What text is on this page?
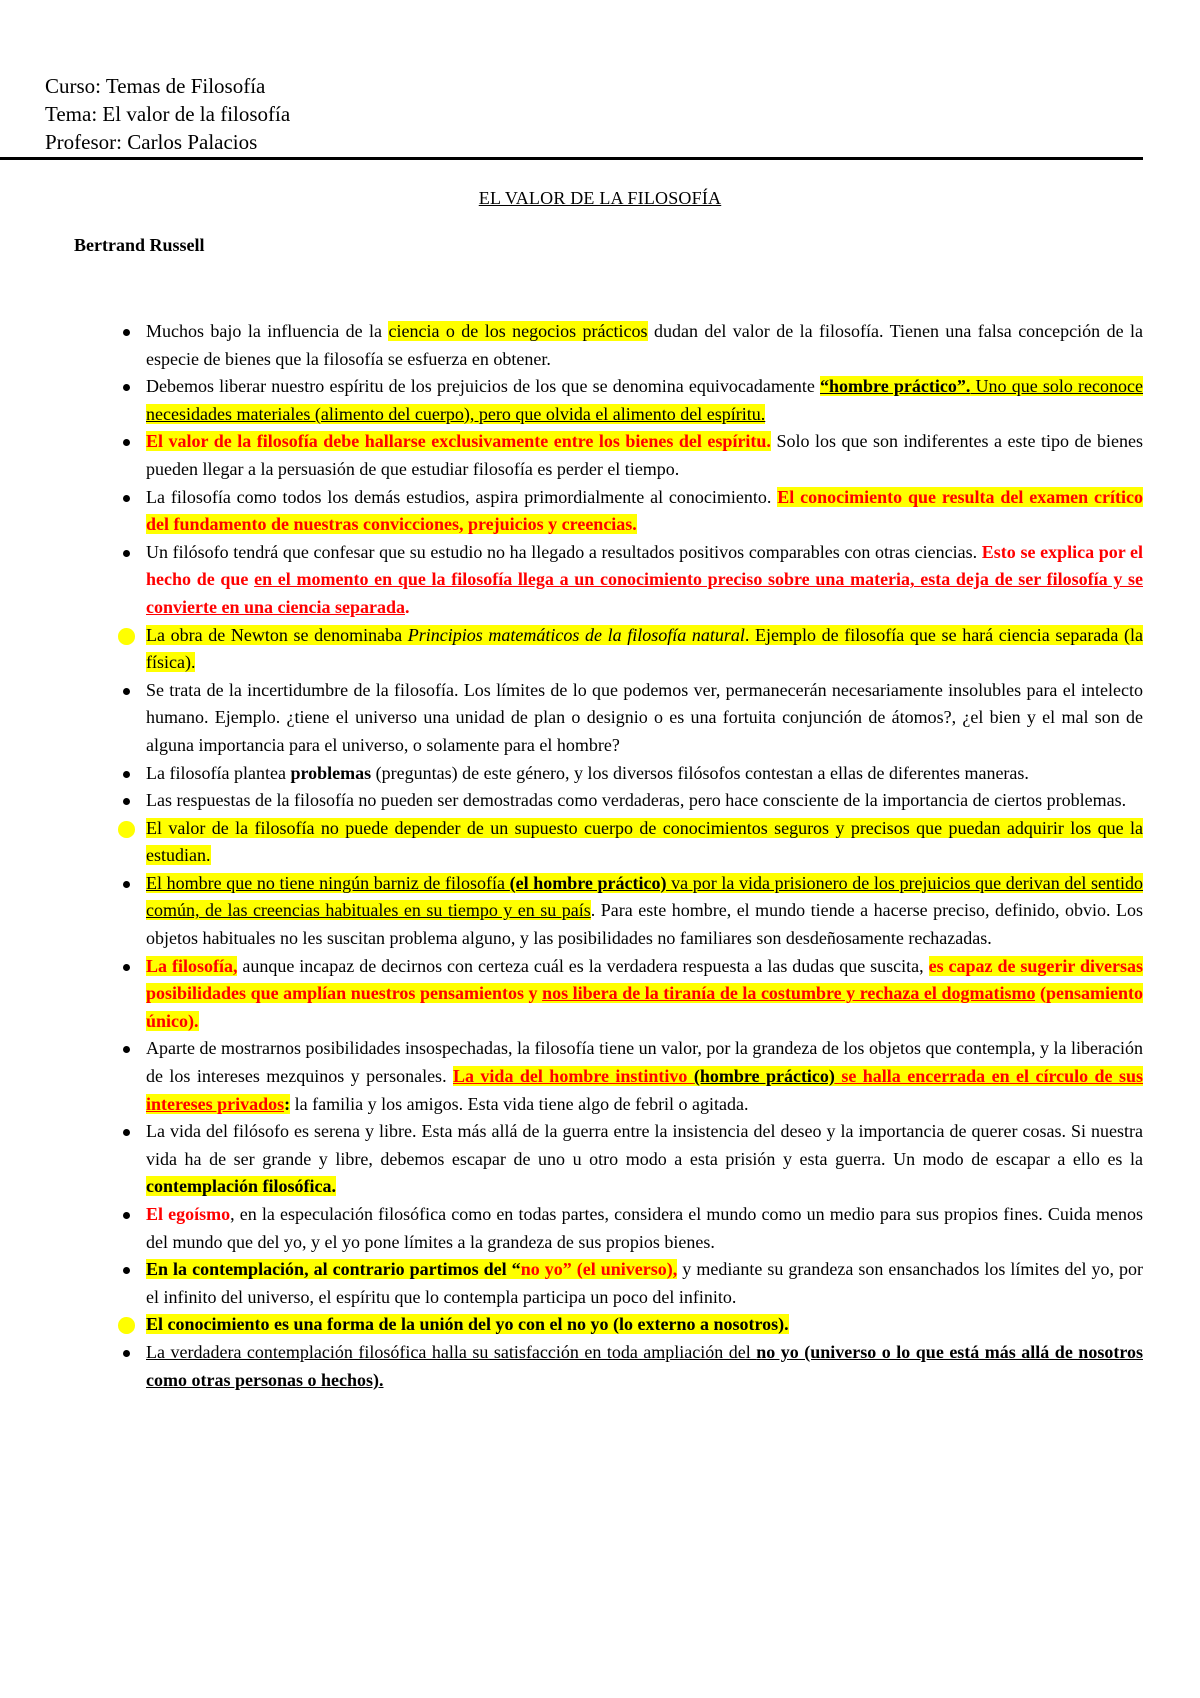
Curso: Temas de Filosofía
Tema: El valor de la filosofía
Profesor: Carlos Palacios
EL VALOR DE LA FILOSOFÍA
Bertrand Russell
Muchos bajo la influencia de la ciencia o de los negocios prácticos dudan del valor de la filosofía. Tienen una falsa concepción de la especie de bienes que la filosofía se esfuerza en obtener.
Debemos liberar nuestro espíritu de los prejuicios de los que se denomina equivocadamente “hombre práctico”. Uno que solo reconoce necesidades materiales (alimento del cuerpo), pero que olvida el alimento del espíritu.
El valor de la filosofía debe hallarse exclusivamente entre los bienes del espíritu. Solo los que son indiferentes a este tipo de bienes pueden llegar a la persuasión de que estudiar filosofía es perder el tiempo.
La filosofía como todos los demás estudios, aspira primordialmente al conocimiento. El conocimiento que resulta del examen crítico del fundamento de nuestras convicciones, prejuicios y creencias.
Un filósofo tendrá que confesar que su estudio no ha llegado a resultados positivos comparables con otras ciencias. Esto se explica por el hecho de que en el momento en que la filosofía llega a un conocimiento preciso sobre una materia, esta deja de ser filosofía y se convierte en una ciencia separada.
La obra de Newton se denominaba Principios matemáticos de la filosofía natural. Ejemplo de filosofía que se hará ciencia separada (la física).
Se trata de la incertidumbre de la filosofía. Los límites de lo que podemos ver, permanecerán necesariamente insolubles para el intelecto humano. Ejemplo. ¿tiene el universo una unidad de plan o designio o es una fortuita conjunción de átomos?, ¿el bien y el mal son de alguna importancia para el universo, o solamente para el hombre?
La filosofía plantea problemas (preguntas) de este género, y los diversos filósofos contestan a ellas de diferentes maneras.
Las respuestas de la filosofía no pueden ser demostradas como verdaderas, pero hace consciente de la importancia de ciertos problemas.
El valor de la filosofía no puede depender de un supuesto cuerpo de conocimientos seguros y precisos que puedan adquirir los que la estudian.
El hombre que no tiene ningún barniz de filosofía (el hombre práctico) va por la vida prisionero de los prejuicios que derivan del sentido común, de las creencias habituales en su tiempo y en su país. Para este hombre, el mundo tiende a hacerse preciso, definido, obvio. Los objetos habituales no les suscitan problema alguno, y las posibilidades no familiares son desdeñosamente rechazadas.
La filosofía, aunque incapaz de decirnos con certeza cuál es la verdadera respuesta a las dudas que suscita, es capaz de sugerir diversas posibilidades que amplían nuestros pensamientos y nos libera de la tiranía de la costumbre y rechaza el dogmatismo (pensamiento único).
Aparte de mostrarnos posibilidades insospechadas, la filosofía tiene un valor, por la grandeza de los objetos que contempla, y la liberación de los intereses mezquinos y personales. La vida del hombre instintivo (hombre práctico) se halla encerrada en el círculo de sus intereses privados: la familia y los amigos. Esta vida tiene algo de febril o agitada.
La vida del filósofo es serena y libre. Esta más allá de la guerra entre la insistencia del deseo y la importancia de querer cosas. Si nuestra vida ha de ser grande y libre, debemos escapar de uno u otro modo a esta prisión y esta guerra. Un modo de escapar a ello es la contemplación filosófica.
El egoísmo, en la especulación filosófica como en todas partes, considera el mundo como un medio para sus propios fines. Cuida menos del mundo que del yo, y el yo pone límites a la grandeza de sus propios bienes.
En la contemplación, al contrario partimos del “no yo” (el universo), y mediante su grandeza son ensanchados los límites del yo, por el infinito del universo, el espíritu que lo contempla participa un poco del infinito.
El conocimiento es una forma de la unión del yo con el no yo (lo externo a nosotros).
La verdadera contemplación filosófica halla su satisfacción en toda ampliación del no yo (universo o lo que está más allá de nosotros como otras personas o hechos).
